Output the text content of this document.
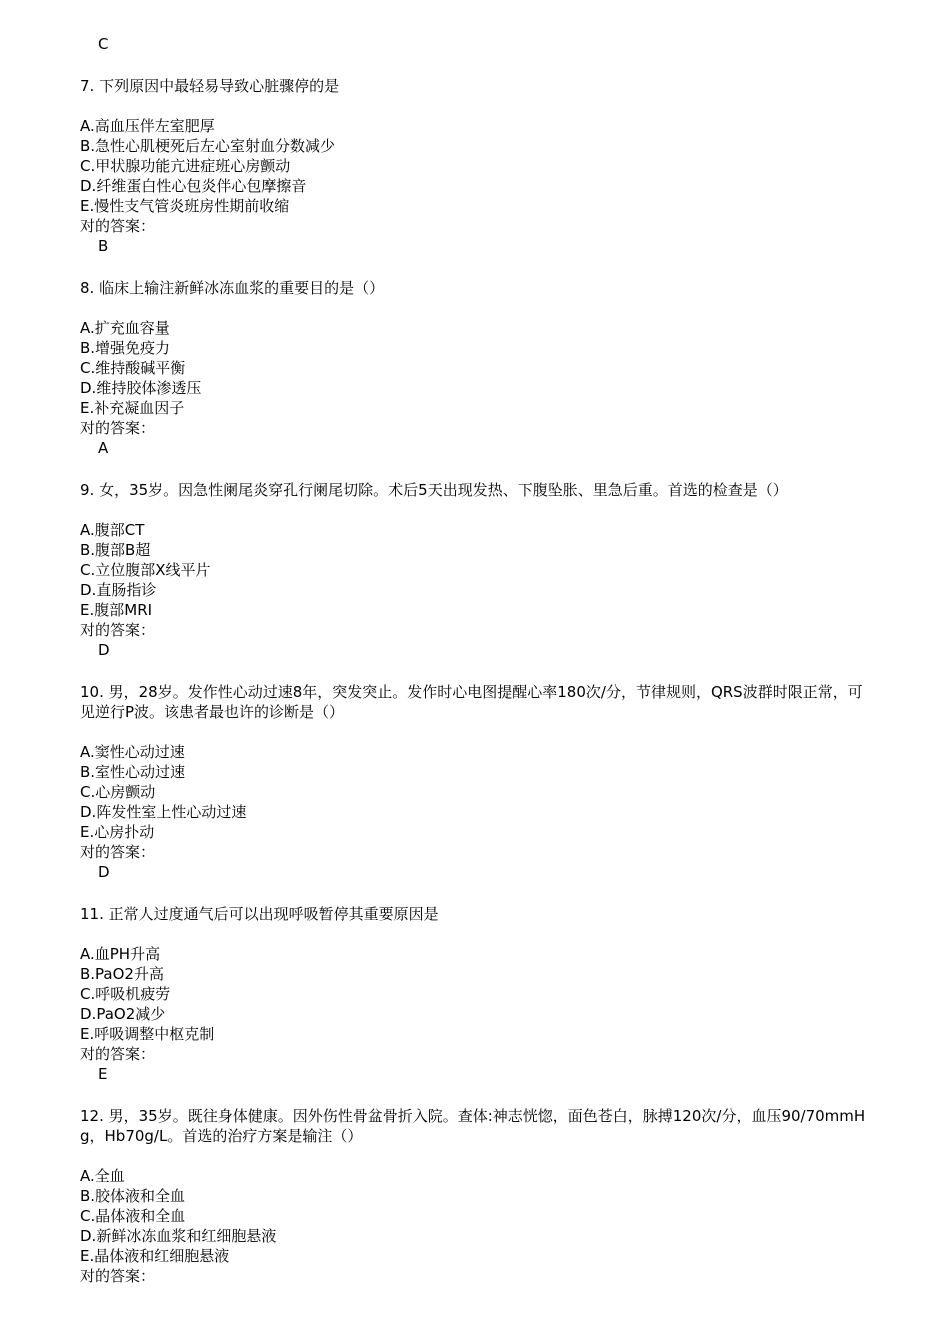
C
7. 下列原因中最轻易导致心脏骤停的是
A.高血压伴左室肥厚
B.急性心肌梗死后左心室射血分数减少
C.甲状腺功能亢进症班心房颤动
D.纤维蛋白性心包炎伴心包摩擦音
E.慢性支气管炎班房性期前收缩
对的答案：
B
8. 临床上输注新鲜冰冻血浆的重要目的是（）
A.扩充血容量
B.增强免疫力
C.维持酸碱平衡
D.维持胶体渗透压
E.补充凝血因子
对的答案：
A
9. 女，35岁。因急性阑尾炎穿孔行阑尾切除。术后5天出现发热、下腹坠胀、里急后重。首选的检查是（）
A.腹部CT
B.腹部B超
C.立位腹部X线平片
D.直肠指诊
E.腹部MRI
对的答案：
D
10. 男，28岁。发作性心动过速8年，突发突止。发作时心电图提醒心率180次/分，节律规则，QRS波群时限正常，可见逆行P波。该患者最也许的诊断是（）
A.窦性心动过速
B.室性心动过速
C.心房颤动
D.阵发性室上性心动过速
E.心房扑动
对的答案：
D
11. 正常人过度通气后可以出现呼吸暂停其重要原因是
A.血PH升高
B.PaO2升高
C.呼吸机疲劳
D.PaO2减少
E.呼吸调整中枢克制
对的答案：
E
12. 男，35岁。既往身体健康。因外伤性骨盆骨折入院。查体:神志恍惚，面色苍白，脉搏120次/分，血压90/70mmHg，Hb70g/L。首选的治疗方案是输注（）
A.全血
B.胶体液和全血
C.晶体液和全血
D.新鲜冰冻血浆和红细胞悬液
E.晶体液和红细胞悬液
对的答案：
